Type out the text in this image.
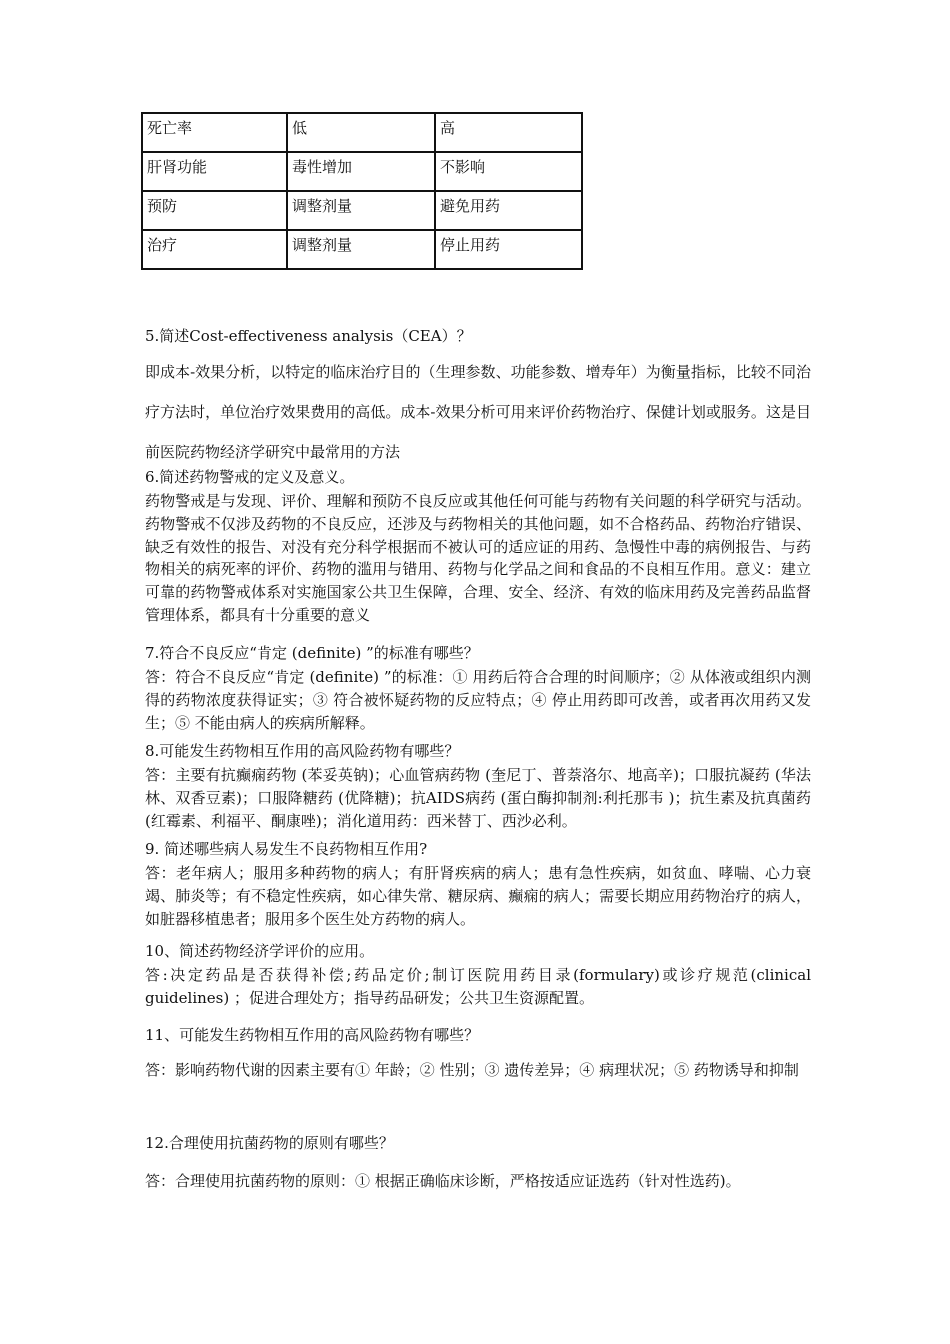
死亡率	低	高
肝肾功能	毒性增加	不影响
预防	调整剂量	避免用药
治疗	调整剂量	停止用药

5.简述Cost-effectiveness analysis（CEA）？

即成本-效果分析，以特定的临床治疗目的（生理参数、功能参数、增寿年）为衡量指标，比较不同治疗方法时，单位治疗效果费用的高低。成本-效果分析可用来评价药物治疗、保健计划或服务。这是目前医院药物经济学研究中最常用的方法

6.简述药物警戒的定义及意义。

药物警戒是与发现、评价、理解和预防不良反应或其他任何可能与药物有关问题的科学研究与活动。药物警戒不仅涉及药物的不良反应，还涉及与药物相关的其他问题，如不合格药品、药物治疗错误、缺乏有效性的报告、对没有充分科学根据而不被认可的适应证的用药、急慢性中毒的病例报告、与药物相关的病死率的评价、药物的滥用与错用、药物与化学品之间和食品的不良相互作用。意义：建立可靠的药物警戒体系对实施国家公共卫生保障，合理、安全、经济、有效的临床用药及完善药品监督管理体系，都具有十分重要的意义

7.符合不良反应“肯定 (definite) ”的标准有哪些？

答：符合不良反应“肯定 (definite) ”的标准：① 用药后符合合理的时间顺序；② 从体液或组织内测得的药物浓度获得证实；③ 符合被怀疑药物的反应特点；④ 停止用药即可改善，或者再次用药又发生；⑤ 不能由病人的疾病所解释。

8.可能发生药物相互作用的高风险药物有哪些？

答：主要有抗癫痫药物 (苯妥英钠)；心血管病药物 (奎尼丁、普萘洛尔、地高辛)；口服抗凝药 (华法林、双香豆素)；口服降糖药 (优降糖)；抗AIDS病药 (蛋白酶抑制剂:利托那韦 )；抗生素及抗真菌药(红霉素、利福平、酮康唑)；消化道用药：西米替丁、西沙必利。

9. 简述哪些病人易发生不良药物相互作用?

答：老年病人；服用多种药物的病人；有肝肾疾病的病人；患有急性疾病，如贫血、哮喘、心力衰竭、肺炎等；有不稳定性疾病，如心律失常、糖尿病、癫痫的病人；需要长期应用药物治疗的病人，如脏器移植患者；服用多个医生处方药物的病人。

10、简述药物经济学评价的应用。

答:决定药品是否获得补偿;药品定价;制订医院用药目录(formulary)或诊疗规范(clinical guidelines) ；促进合理处方；指导药品研发；公共卫生资源配置。

11、可能发生药物相互作用的高风险药物有哪些？

答：影响药物代谢的因素主要有① 年龄；② 性别；③ 遗传差异；④ 病理状况；⑤ 药物诱导和抑制

12.合理使用抗菌药物的原则有哪些？

答：合理使用抗菌药物的原则：① 根据正确临床诊断，严格按适应证选药（针对性选药)。
